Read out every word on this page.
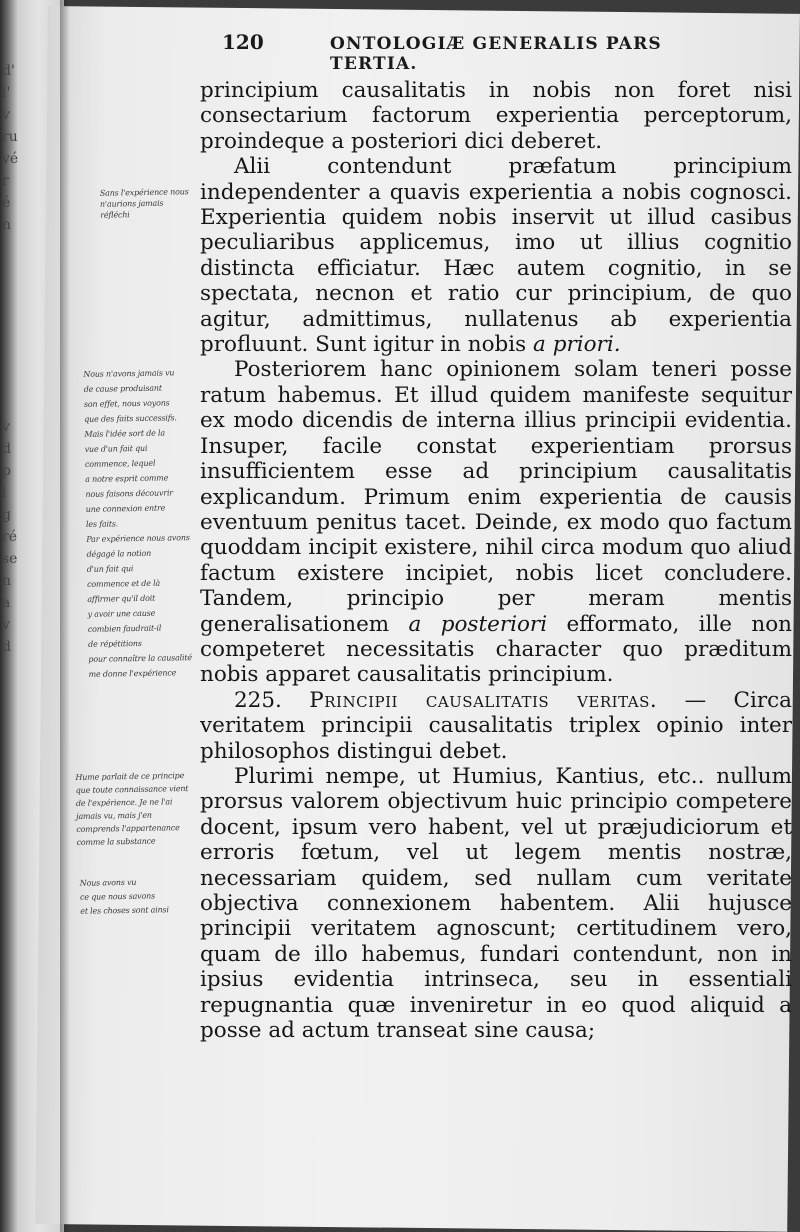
d'
l'
v
ru
vé
r
é
n
v
d
p
l
g
ré
se
n
a
v
d
120	ONTOLOGIÆ GENERALIS PARS TERTIA.

principium causalitatis in nobis non foret nisi consectarium factorum experientia perceptorum, proindeque a posteriori dici deberet.

Alii contendunt præfatum principium independenter a quavis experientia a nobis cognosci. Experientia quidem nobis inservit ut illud casibus peculiaribus applicemus, imo ut illius cognitio distincta efficiatur. Hæc autem cognitio, in se spectata, necnon et ratio cur principium, de quo agitur, admittimus, nullatenus ab experientia profluunt. Sunt igitur in nobis a priori.

Posteriorem hanc opinionem solam teneri posse ratum habemus. Et illud quidem manifeste sequitur ex modo dicendis de interna illius principii evidentia. Insuper, facile constat experientiam prorsus insufficientem esse ad principium causalitatis explicandum. Primum enim experientia de causis eventuum penitus tacet. Deinde, ex modo quo factum quoddam incipit existere, nihil circa modum quo aliud factum existere incipiet, nobis licet concludere. Tandem, principio per meram mentis generalisationem a posteriori efformato, ille non competeret necessitatis character quo præditum nobis apparet causalitatis principium.

225. Principii causalitatis veritas. — Circa veritatem principii causalitatis triplex opinio inter philosophos distingui debet.

Plurimi nempe, ut Humius, Kantius, etc.. nullum prorsus valorem objectivum huic principio competere docent, ipsum vero habent, vel ut præjudiciorum et erroris fœtum, vel ut legem mentis nostræ, necessariam quidem, sed nullam cum veritate objectiva connexionem habentem. Alii hujusce principii veritatem agnoscunt; certitudinem vero, quam de illo habemus, fundari contendunt, non in ipsius evidentia intrinseca, seu in essentiali repugnantia quæ inveniretur in eo quod aliquid a posse ad actum transeat sine causa;

Sans l'expérience nous
n'aurions jamais
réfléchi
Nous n'avons jamais vu
de cause produisant
son effet, nous voyons
que des faits successifs.
Mais l'idée sort de la
vue d'un fait qui
commence, lequel
a notre esprit comme
nous faisons découvrir
une connexion entre
les faits.
Par expérience nous avons
dégagé la notion
d'un fait qui
commence et de là
affirmer qu'il doit
y avoir une cause
combien faudrait-il
de répétitions
pour connaître la causalité
me donne l'expérience
Hume parlait de ce principe
que toute connaissance vient
de l'expérience. Je ne l'ai
jamais vu, mais j'en
comprends l'appartenance
comme la substance
Nous avons vu
ce que nous savons
et les choses sont ainsi
